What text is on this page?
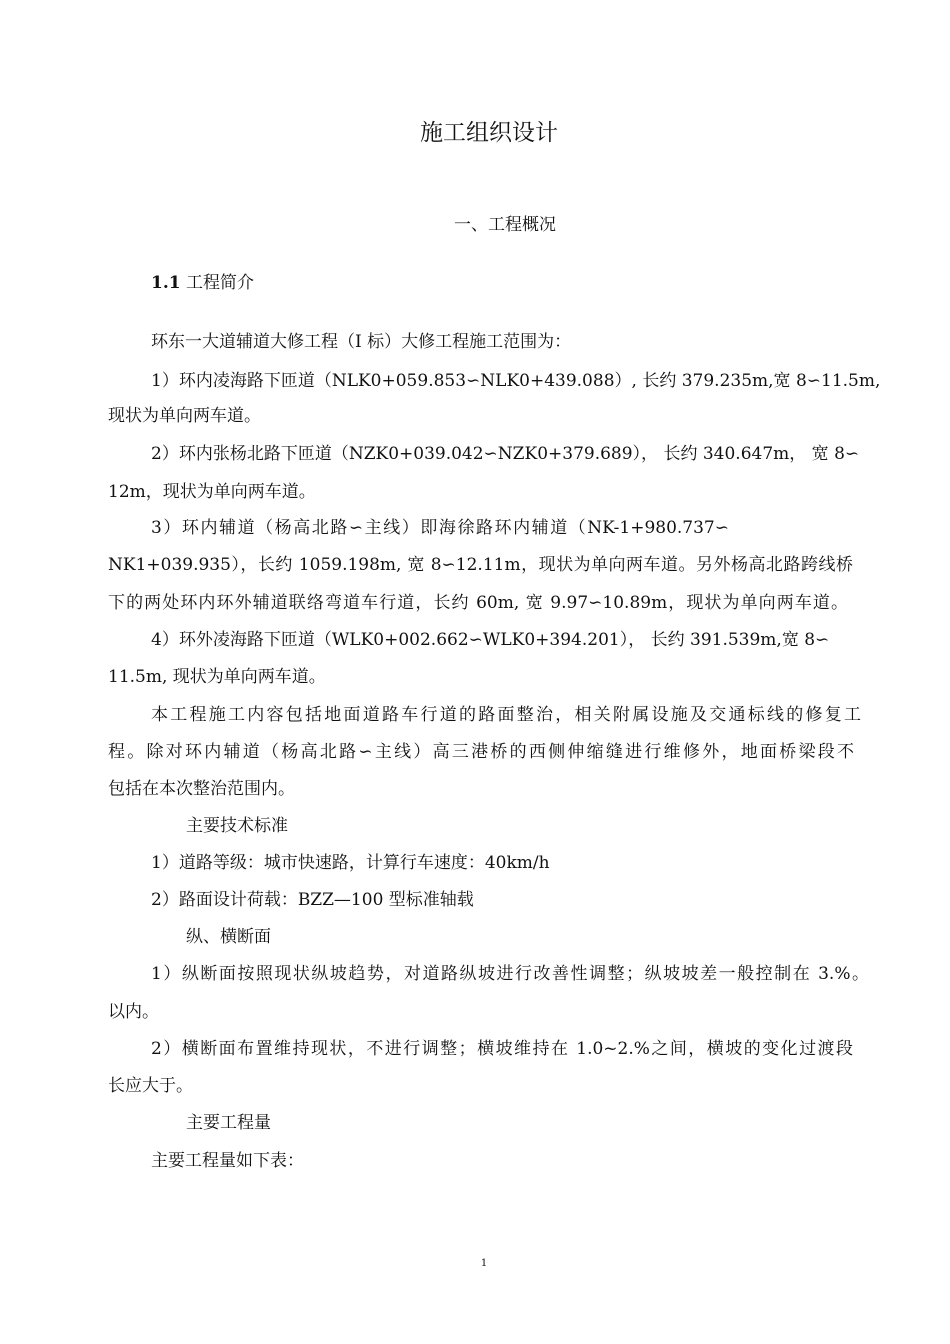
施工组织设计
一、工程概况
1.1 工程简介
环东一大道辅道大修工程（I 标）大修工程施工范围为：
1）环内凌海路下匝道（NLK0+059.853∽NLK0+439.088）, 长约 379.235m,宽 8∽11.5m,
现状为单向两车道。
2）环内张杨北路下匝道（NZK0+039.042∽NZK0+379.689）， 长约 340.647m， 宽 8∽
12m，现状为单向两车道。
3）环内辅道（杨高北路∽主线）即海徐路环内辅道（NK-1+980.737∽
NK1+039.935），长约 1059.198m, 宽 8∽12.11m，现状为单向两车道。另外杨高北路跨线桥
下的两处环内环外辅道联络弯道车行道，长约 60m, 宽 9.97∽10.89m，现状为单向两车道。
4）环外凌海路下匝道（WLK0+002.662∽WLK0+394.201）， 长约 391.539m,宽 8∽
11.5m, 现状为单向两车道。
本工程施工内容包括地面道路车行道的路面整治，相关附属设施及交通标线的修复工
程。除对环内辅道（杨高北路∽主线）高三港桥的西侧伸缩缝进行维修外，地面桥梁段不
包括在本次整治范围内。
主要技术标准
1）道路等级：城市快速路，计算行车速度：40km/h
2）路面设计荷载：BZZ—100 型标准轴载
纵、横断面
1）纵断面按照现状纵坡趋势，对道路纵坡进行改善性调整；纵坡坡差一般控制在 3.%。
以内。
2）横断面布置维持现状，不进行调整；横坡维持在 1.0~2.%之间，横坡的变化过渡段
长应大于。
主要工程量
主要工程量如下表：
1
